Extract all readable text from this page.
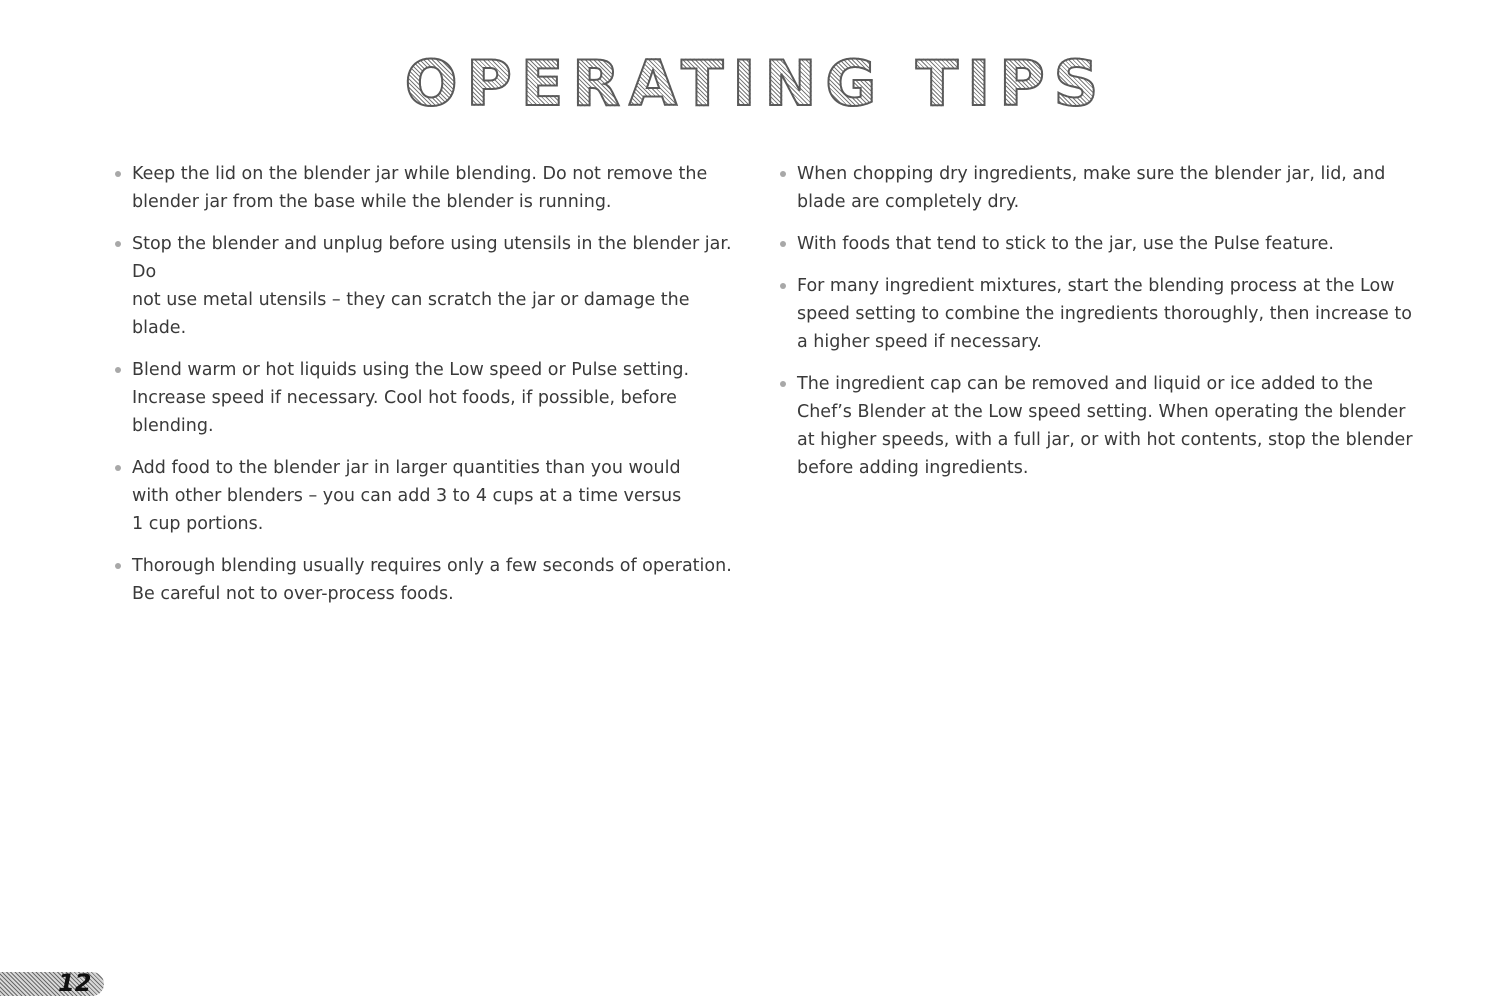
OPERATING TIPS
Keep the lid on the blender jar while blending. Do not remove the
blender jar from the base while the blender is running.
Stop the blender and unplug before using utensils in the blender jar. Do
not use metal utensils – they can scratch the jar or damage the blade.
Blend warm or hot liquids using the Low speed or Pulse setting.
Increase speed if necessary. Cool hot foods, if possible, before
blending.
Add food to the blender jar in larger quantities than you would
with other blenders – you can add 3 to 4 cups at a time versus
1 cup portions.
Thorough blending usually requires only a few seconds of operation.
Be careful not to over-process foods.
When chopping dry ingredients, make sure the blender jar, lid, and
blade are completely dry.
With foods that tend to stick to the jar, use the Pulse feature.
For many ingredient mixtures, start the blending process at the Low
speed setting to combine the ingredients thoroughly, then increase to
a higher speed if necessary.
The ingredient cap can be removed and liquid or ice added to the
Chef’s Blender at the Low speed setting. When operating the blender
at higher speeds, with a full jar, or with hot contents, stop the blender
before adding ingredients.
12
